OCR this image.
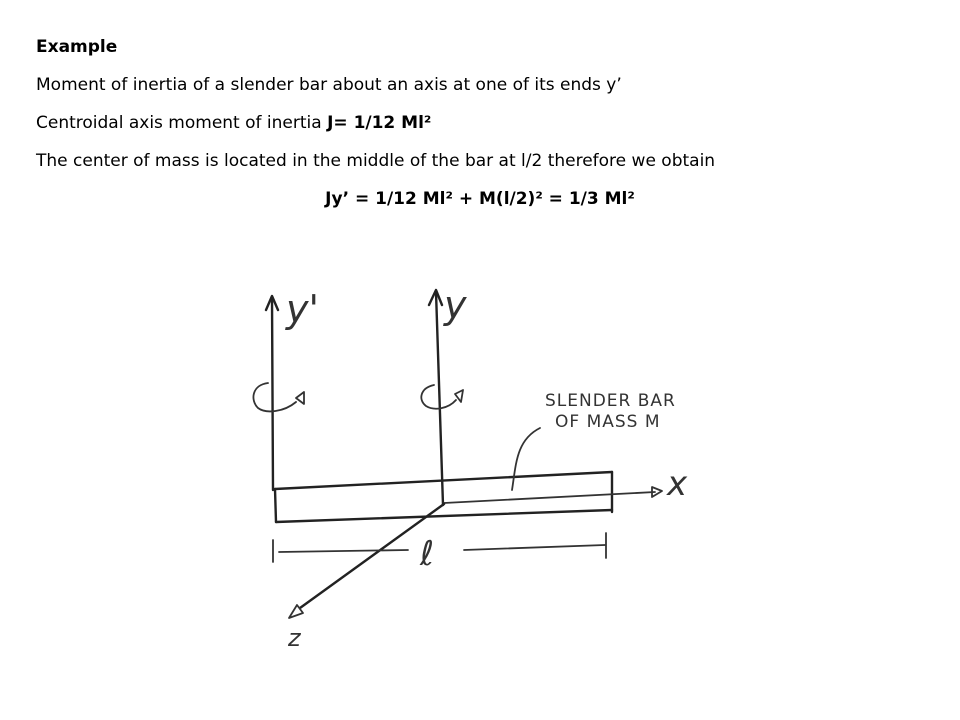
Example
Moment of inertia of a slender bar about an axis at one of its ends y’
Centroidal axis moment of inertia J= 1/12 Ml²
The center of mass is located in the middle of the bar at l/2 therefore we obtain
Jy’ = 1/12 Ml² + M(l/2)² = 1/3 Ml²
y'	y
x
z
ℓ
SLENDER BAR
OF MASS M
